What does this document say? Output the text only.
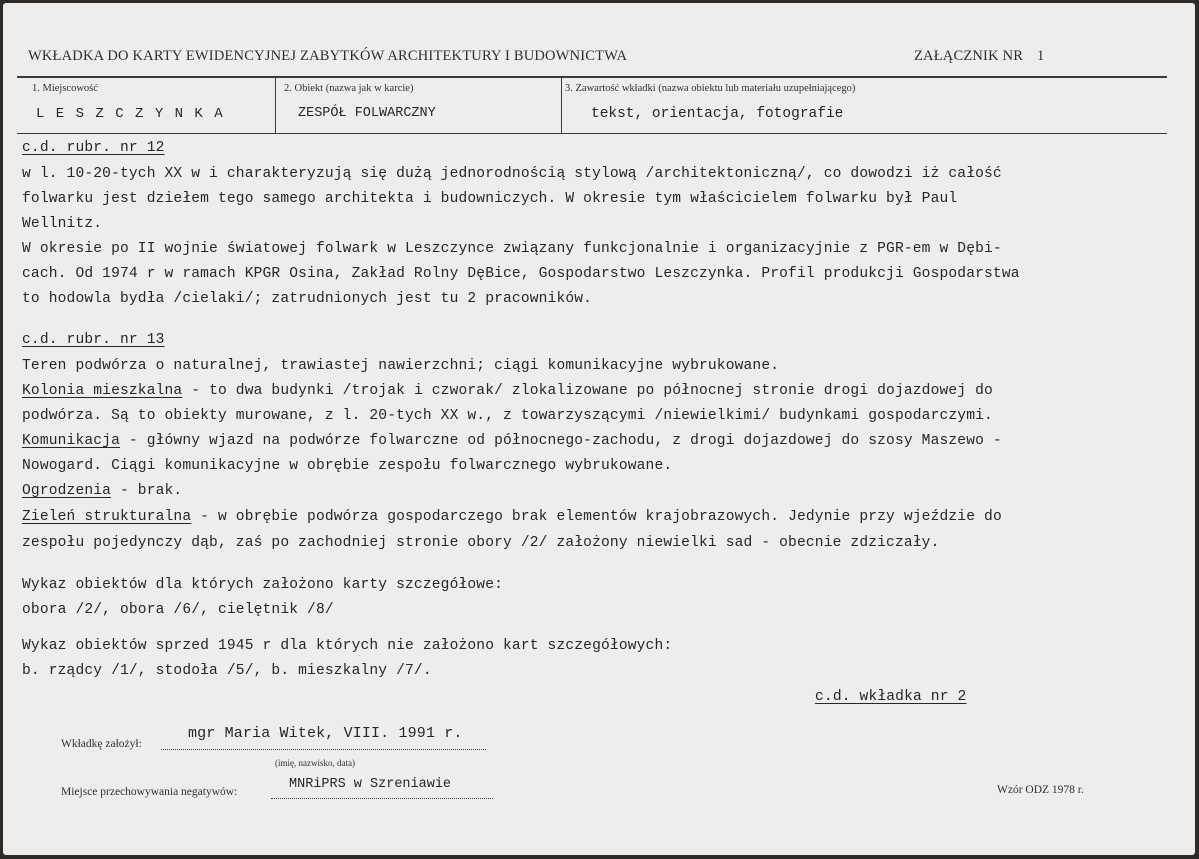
WKŁADKA DO KARTY EWIDENCYJNEJ ZABYTKÓW ARCHITEKTURY I BUDOWNICTWA	ZAŁĄCZNIK NR 1
1. Miejscowość
L E S Z C Z Y N K A
2. Obiekt (nazwa jak w karcie)
ZESPÓŁ FOLWARCZNY
3. Zawartość wkładki (nazwa obiektu lub materiału uzupełniającego)
tekst, orientacja, fotografie
c.d. rubr. nr 12
w l. 10-20-tych XX w i charakteryzują się dużą jednorodnością stylową /architektoniczną/, co dowodzi iż całość
folwarku jest dziełem tego samego architekta i budowniczych. W okresie tym właścicielem folwarku był Paul
Wellnitz.
W okresie po II wojnie światowej folwark w Leszczynce związany funkcjonalnie i organizacyjnie z PGR-em w Dębi-
cach. Od 1974 r w ramach KPGR Osina, Zakład Rolny DęBice, Gospodarstwo Leszczynka. Profil produkcji Gospodarstwa
to hodowla bydła /cielaki/; zatrudnionych jest tu 2 pracowników.
c.d. rubr. nr 13
Teren podwórza o naturalnej, trawiastej nawierzchni; ciągi komunikacyjne wybrukowane.
Kolonia mieszkalna - to dwa budynki /trojak i czworak/ zlokalizowane po północnej stronie drogi dojazdowej do
podwórza. Są to obiekty murowane, z l. 20-tych XX w., z towarzyszącymi /niewielkimi/ budynkami gospodarczymi.
Komunikacja - główny wjazd na podwórze folwarczne od północnego-zachodu, z drogi dojazdowej do szosy Maszewo -
Nowogard. Ciągi komunikacyjne w obrębie zespołu folwarcznego wybrukowane.
Ogrodzenia - brak.
Zieleń strukturalna - w obrębie podwórza gospodarczego brak elementów krajobrazowych. Jedynie przy wjeździe do
zespołu pojedynczy dąb, zaś po zachodniej stronie obory /2/ założony niewielki sad - obecnie zdziczały.
Wykaz obiektów dla których założono karty szczegółowe:
obora /2/, obora /6/, cielętnik /8/
Wykaz obiektów sprzed 1945 r dla których nie założono kart szczegółowych:
b. rządcy /1/, stodoła /5/, b. mieszkalny /7/.
c.d. wkładka nr 2
Wkładkę założył:
mgr Maria Witek, VIII. 1991 r.
(imię, nazwisko, data)
Miejsce przechowywania negatywów:	MNRiPRS w Szreniawie	Wzór ODZ 1978 r.
